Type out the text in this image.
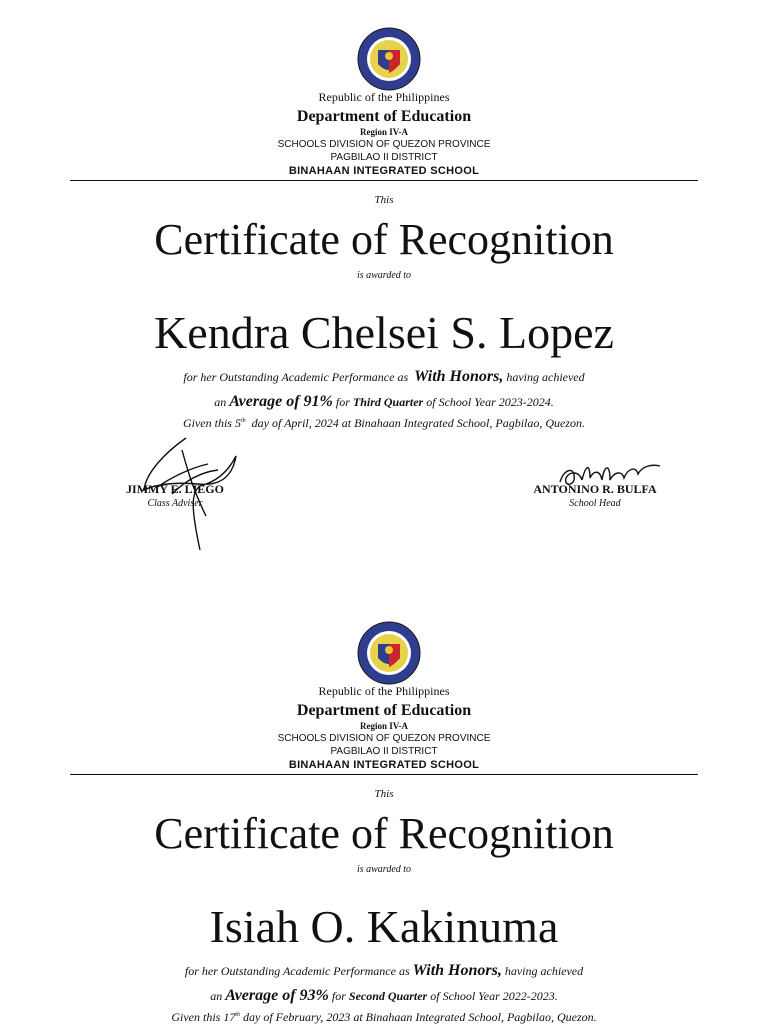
Republic of the Philippines
Department of Education
Region IV-A
SCHOOLS DIVISION OF QUEZON PROVINCE
PAGBILAO II DISTRICT
BINAHAAN INTEGRATED SCHOOL
This
Certificate of Recognition
is awarded to
Kendra Chelsei S. Lopez
for her Outstanding Academic Performance as With Honors, having achieved
an Average of 91% for Third Quarter of School Year 2023-2024.
Given this 5th day of April, 2024 at Binahaan Integrated School, Pagbilao, Quezon.
JIMMY E. LIEGO
Class Adviser
ANTONINO R. BULFA
School Head
Republic of the Philippines
Department of Education
Region IV-A
SCHOOLS DIVISION OF QUEZON PROVINCE
PAGBILAO II DISTRICT
BINAHAAN INTEGRATED SCHOOL
This
Certificate of Recognition
is awarded to
Isiah O. Kakinuma
for her Outstanding Academic Performance as With Honors, having achieved
an Average of 93% for Second Quarter of School Year 2022-2023.
Given this 17th day of February, 2023 at Binahaan Integrated School, Pagbilao, Quezon.
